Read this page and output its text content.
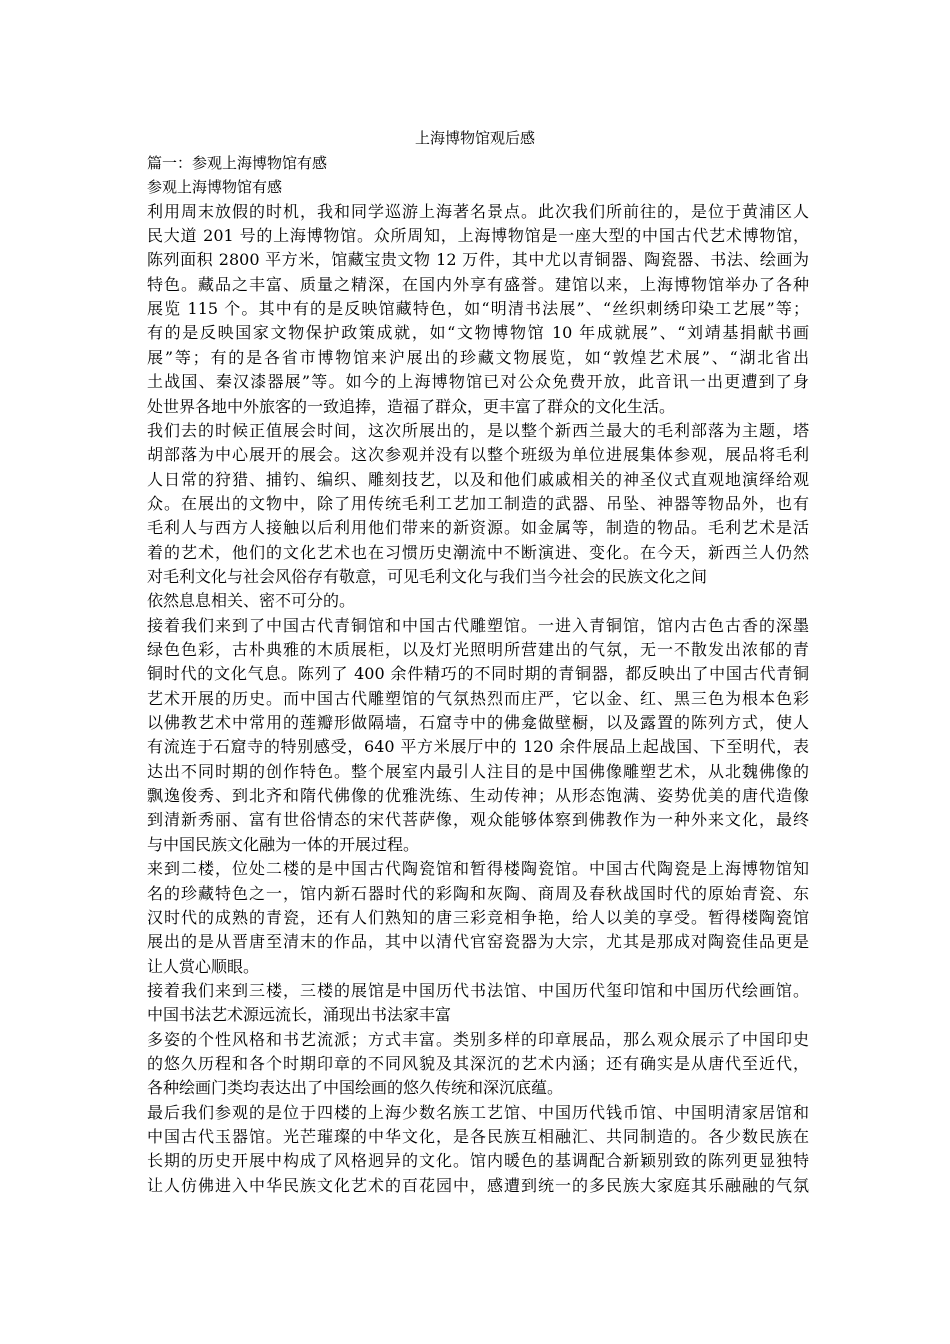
上海博物馆观后感
篇一：参观上海博物馆有感
参观上海博物馆有感
利用周末放假的时机，我和同学巡游上海著名景点。此次我们所前往的，是位于黄浦区人
民大道 201 号的上海博物馆。众所周知，上海博物馆是一座大型的中国古代艺术博物馆，
陈列面积 2800 平方米，馆藏宝贵文物 12 万件，其中尤以青铜器、陶瓷器、书法、绘画为
特色。藏品之丰富、质量之精深，在国内外享有盛誉。建馆以来，上海博物馆举办了各种
展览 115 个。其中有的是反映馆藏特色，如“明清书法展”、“丝织刺绣印染工艺展”等；
有的是反映国家文物保护政策成就，如“文物博物馆 10 年成就展”、“刘靖基捐献书画
展”等；有的是各省市博物馆来沪展出的珍藏文物展览，如“敦煌艺术展”、“湖北省出
土战国、秦汉漆器展”等。如今的上海博物馆已对公众免费开放，此音讯一出更遭到了身
处世界各地中外旅客的一致追捧，造福了群众，更丰富了群众的文化生活。
我们去的时候正值展会时间，这次所展出的，是以整个新西兰最大的毛利部落为主题，塔
胡部落为中心展开的展会。这次参观并没有以整个班级为单位进展集体参观，展品将毛利
人日常的狩猎、捕钓、编织、雕刻技艺，以及和他们戚戚相关的神圣仪式直观地演绎给观
众。在展出的文物中，除了用传统毛利工艺加工制造的武器、吊坠、神器等物品外，也有
毛利人与西方人接触以后利用他们带来的新资源。如金属等，制造的物品。毛利艺术是活
着的艺术，他们的文化艺术也在习惯历史潮流中不断演进、变化。在今天，新西兰人仍然
对毛利文化与社会风俗存有敬意，可见毛利文化与我们当今社会的民族文化之间
依然息息相关、密不可分的。
接着我们来到了中国古代青铜馆和中国古代雕塑馆。一进入青铜馆，馆内古色古香的深墨
绿色色彩，古朴典雅的木质展柜，以及灯光照明所营建出的气氛，无一不散发出浓郁的青
铜时代的文化气息。陈列了 400 余件精巧的不同时期的青铜器，都反映出了中国古代青铜
艺术开展的历史。而中国古代雕塑馆的气氛热烈而庄严，它以金、红、黑三色为根本色彩
以佛教艺术中常用的莲瓣形做隔墙，石窟寺中的佛龛做壁橱，以及露置的陈列方式，使人
有流连于石窟寺的特别感受，640 平方米展厅中的 120 余件展品上起战国、下至明代，表
达出不同时期的创作特色。整个展室内最引人注目的是中国佛像雕塑艺术，从北魏佛像的
飘逸俊秀、到北齐和隋代佛像的优雅洗练、生动传神；从形态饱满、姿势优美的唐代造像
到清新秀丽、富有世俗情态的宋代菩萨像，观众能够体察到佛教作为一种外来文化，最终
与中国民族文化融为一体的开展过程。
来到二楼，位处二楼的是中国古代陶瓷馆和暂得楼陶瓷馆。中国古代陶瓷是上海博物馆知
名的珍藏特色之一，馆内新石器时代的彩陶和灰陶、商周及春秋战国时代的原始青瓷、东
汉时代的成熟的青瓷，还有人们熟知的唐三彩竞相争艳，给人以美的享受。暂得楼陶瓷馆
展出的是从晋唐至清末的作品，其中以清代官窑瓷器为大宗，尤其是那成对陶瓷佳品更是
让人赏心顺眼。
接着我们来到三楼，三楼的展馆是中国历代书法馆、中国历代玺印馆和中国历代绘画馆。
中国书法艺术源远流长，涌现出书法家丰富
多姿的个性风格和书艺流派；方式丰富。类别多样的印章展品，那么观众展示了中国印史
的悠久历程和各个时期印章的不同风貌及其深沉的艺术内涵；还有确实是从唐代至近代，
各种绘画门类均表达出了中国绘画的悠久传统和深沉底蕴。
最后我们参观的是位于四楼的上海少数名族工艺馆、中国历代钱币馆、中国明清家居馆和
中国古代玉器馆。光芒璀璨的中华文化，是各民族互相融汇、共同制造的。各少数民族在
长期的历史开展中构成了风格迥异的文化。馆内暖色的基调配合新颖别致的陈列更显独特
让人仿佛进入中华民族文化艺术的百花园中，感遭到统一的多民族大家庭其乐融融的气氛
